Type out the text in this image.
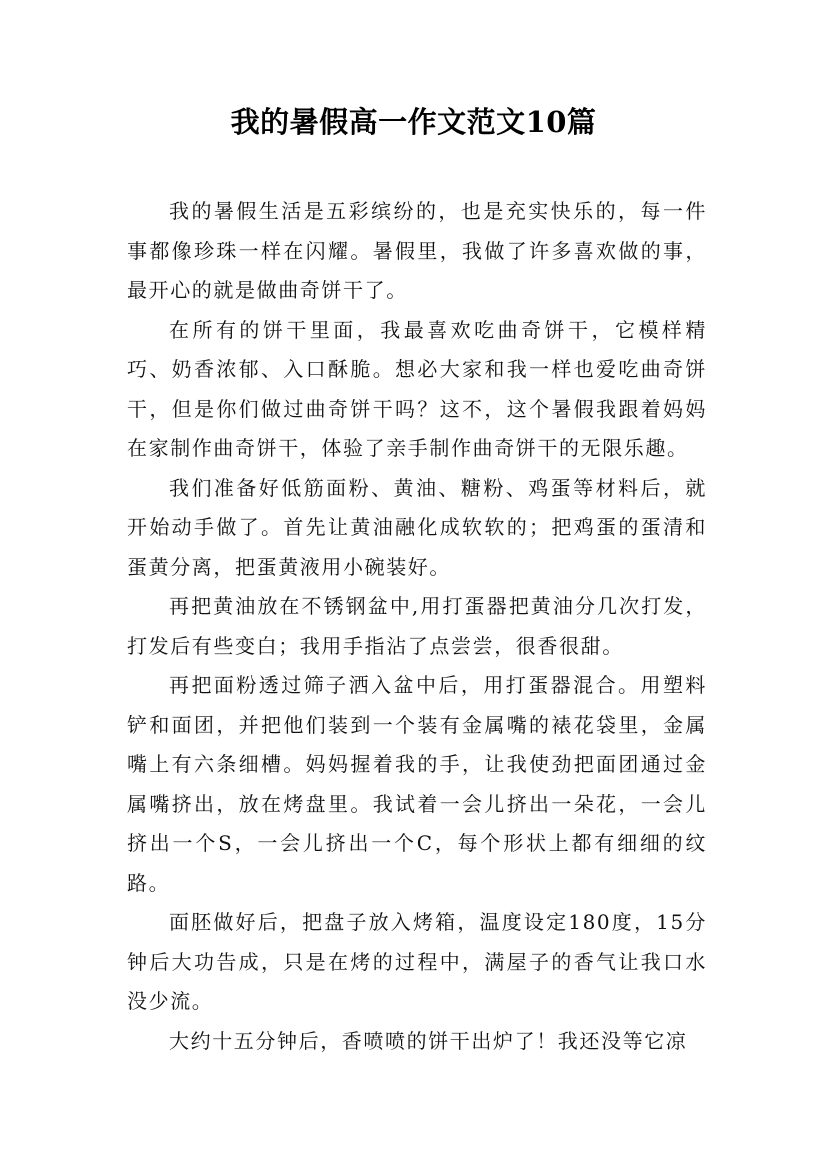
我的暑假高一作文范文10篇

我的暑假生活是五彩缤纷的，也是充实快乐的，每一件事都像珍珠一样在闪耀。暑假里，我做了许多喜欢做的事，最开心的就是做曲奇饼干了。

在所有的饼干里面，我最喜欢吃曲奇饼干，它模样精巧、奶香浓郁、入口酥脆。想必大家和我一样也爱吃曲奇饼干，但是你们做过曲奇饼干吗？这不，这个暑假我跟着妈妈在家制作曲奇饼干，体验了亲手制作曲奇饼干的无限乐趣。

我们准备好低筋面粉、黄油、糖粉、鸡蛋等材料后，就开始动手做了。首先让黄油融化成软软的；把鸡蛋的蛋清和蛋黄分离，把蛋黄液用小碗装好。

再把黄油放在不锈钢盆中,用打蛋器把黄油分几次打发，打发后有些变白；我用手指沾了点尝尝，很香很甜。

再把面粉透过筛子洒入盆中后，用打蛋器混合。用塑料铲和面团，并把他们装到一个装有金属嘴的裱花袋里，金属嘴上有六条细槽。妈妈握着我的手，让我使劲把面团通过金属嘴挤出，放在烤盘里。我试着一会儿挤出一朵花，一会儿挤出一个S，一会儿挤出一个C，每个形状上都有细细的纹路。

面胚做好后，把盘子放入烤箱，温度设定180度，15分钟后大功告成，只是在烤的过程中，满屋子的香气让我口水没少流。

大约十五分钟后，香喷喷的饼干出炉了！我还没等它凉
